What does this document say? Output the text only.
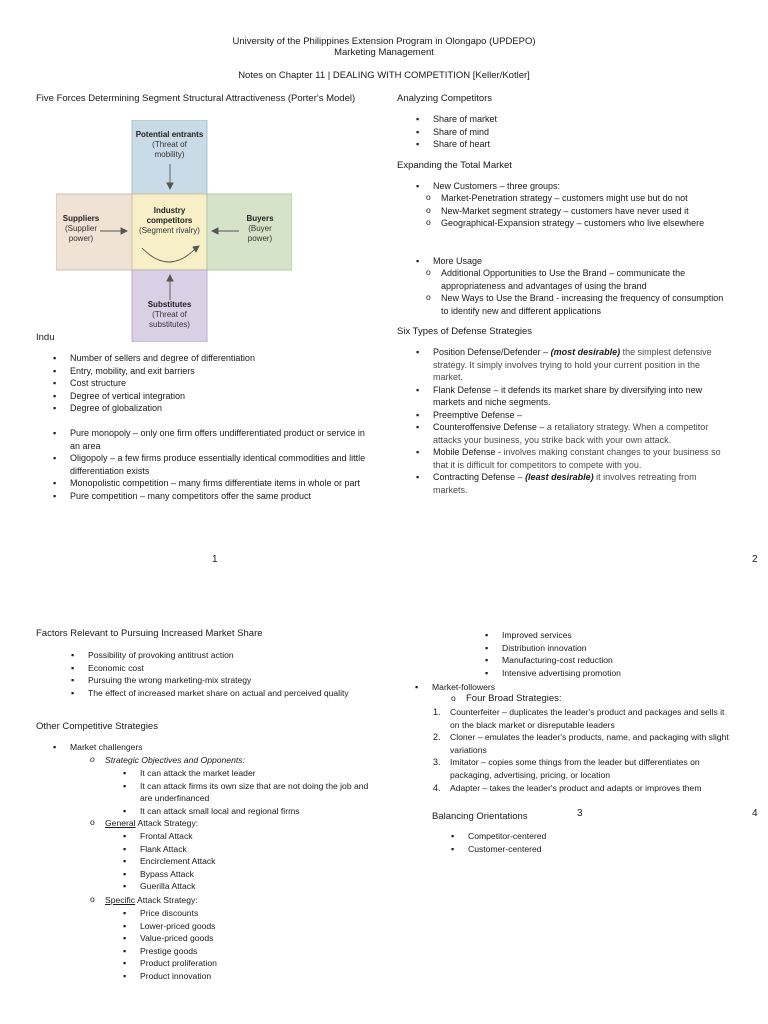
University of the Philippines Extension Program in Olongapo (UPDEPO)
Marketing Management
Notes on Chapter 11 | DEALING WITH COMPETITION [Keller/Kotler]
Five Forces Determining Segment Structural Attractiveness (Porter's Model)
Potential entrants
(Threat of
mobility)
Suppliers
(Supplier
power)
Industry
competitors
(Segment rivalry)
Buyers
(Buyer
power)
Substitutes
(Threat of
substitutes)
Indu
▪ Number of sellers and degree of differentiation
▪ Entry, mobility, and exit barriers
▪ Cost structure
▪ Degree of vertical integration
▪ Degree of globalization
▪ Pure monopoly – only one firm offers undifferentiated product or service in an area
▪ Oligopoly – a few firms produce essentially identical commodities and little differentiation exists
▪ Monopolistic competition – many firms differentiate items in whole or part
▪ Pure competition – many competitors offer the same product
1
Analyzing Competitors
▪ Share of market
▪ Share of mind
▪ Share of heart
Expanding the Total Market
▪ New Customers – three groups:
o Market-Penetration strategy – customers might use but do not
o New-Market segment strategy – customers have never used it
o Geographical-Expansion strategy – customers who live elsewhere
▪ More Usage
o Additional Opportunities to Use the Brand – communicate the appropriateness and advantages of using the brand
o New Ways to Use the Brand - increasing the frequency of consumption to identify new and different applications
Six Types of Defense Strategies
▪ Position Defense/Defender – (most desirable) the simplest defensive strategy. It simply involves trying to hold your current position in the market.
▪ Flank Defense – it defends its market share by diversifying into new markets and niche segments.
▪ Preemptive Defense –
▪ Counteroffensive Defense – a retaliatory strategy. When a competitor attacks your business, you strike back with your own attack.
▪ Mobile Defense - involves making constant changes to your business so that it is difficult for competitors to compete with you.
▪ Contracting Defense – (least desirable) it involves retreating from markets.
2
Factors Relevant to Pursuing Increased Market Share
▪ Possibility of provoking antitrust action
▪ Economic cost
▪ Pursuing the wrong marketing-mix strategy
▪ The effect of increased market share on actual and perceived quality
Other Competitive Strategies
▪ Market challengers
o Strategic Objectives and Opponents:
▪ It can attack the market leader
▪ It can attack firms its own size that are not doing the job and are underfinanced
▪ It can attack small local and regional firms
o General Attack Strategy:
▪ Frontal Attack
▪ Flank Attack
▪ Encirclement Attack
▪ Bypass Attack
▪ Guerilla Attack
o Specific Attack Strategy:
▪ Price discounts
▪ Lower-priced goods
▪ Value-priced goods
▪ Prestige goods
▪ Product proliferation
▪ Product innovation
▪ Improved services
▪ Distribution innovation
▪ Manufacturing-cost reduction
▪ Intensive advertising promotion
▪ Market-followers
o Four Broad Strategies:
1. Counterfeiter – duplicates the leader's product and packages and sells it on the black market or disreputable leaders
2. Cloner – emulates the leader's products, name, and packaging with slight variations
3. Imitator – copies some things from the leader but differentiates on packaging, advertising, pricing, or location
4. Adapter – takes the leader's product and adapts or improves them
Balancing Orientations	3	4
▪ Competitor-centered
▪ Customer-centered
